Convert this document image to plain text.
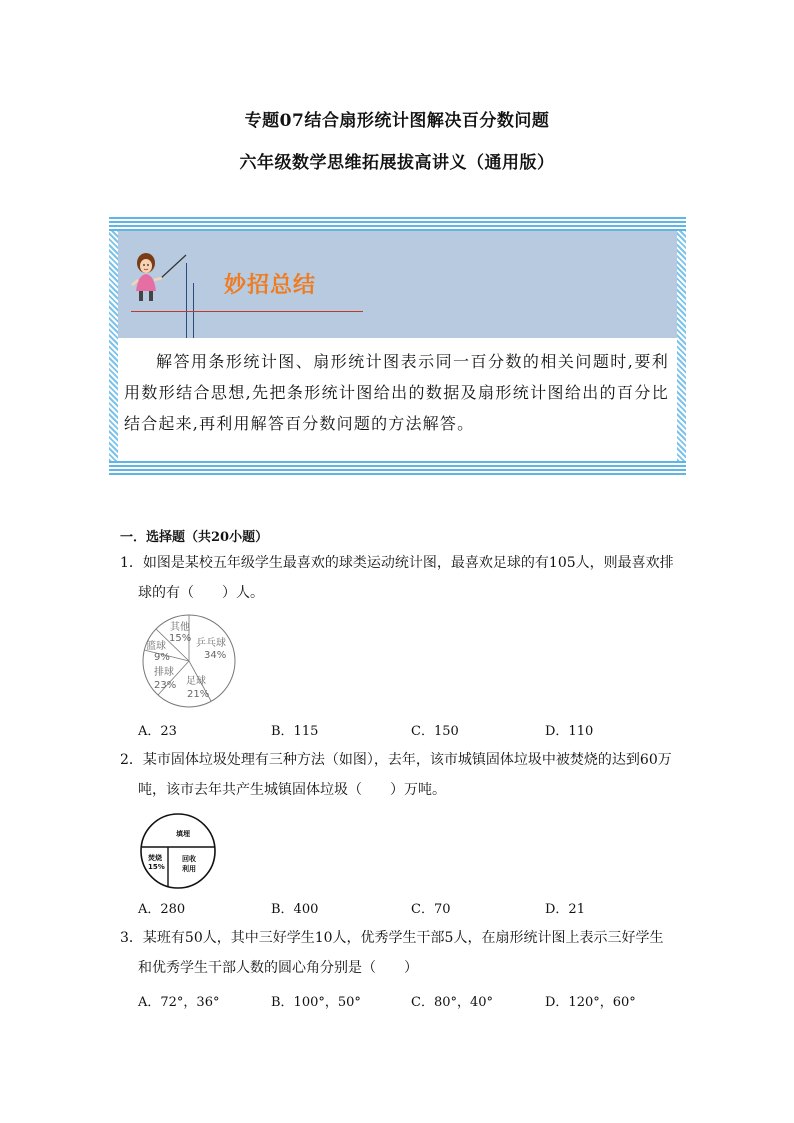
专题07结合扇形统计图解决百分数问题
六年级数学思维拓展拔高讲义（通用版）
妙招总结
解答用条形统计图、扇形统计图表示同一百分数的相关问题时,要利用数形结合思想,先把条形统计图给出的数据及扇形统计图给出的百分比结合起来,再利用解答百分数问题的方法解答。
一．选择题（共20小题）
1．如图是某校五年级学生最喜欢的球类运动统计图，最喜欢足球的有105人，则最喜欢排
球的有（　　）人。
其他
15% 乒乓球
34%
足球
21%
排球
23%
篮球
9%
A．23	B．115	C．150	D．110
2．某市固体垃圾处理有三种方法（如图），去年，该市城镇固体垃圾中被焚烧的达到60万
吨，该市去年共产生城镇固体垃圾（　　）万吨。
填埋
焚烧
15%
回收
利用
A．280	B．400	C．70	D．21
3．某班有50人，其中三好学生10人，优秀学生干部5人，在扇形统计图上表示三好学生
和优秀学生干部人数的圆心角分别是（　　）
A．72°，36°	B．100°，50°	C．80°，40°	D．120°，60°
